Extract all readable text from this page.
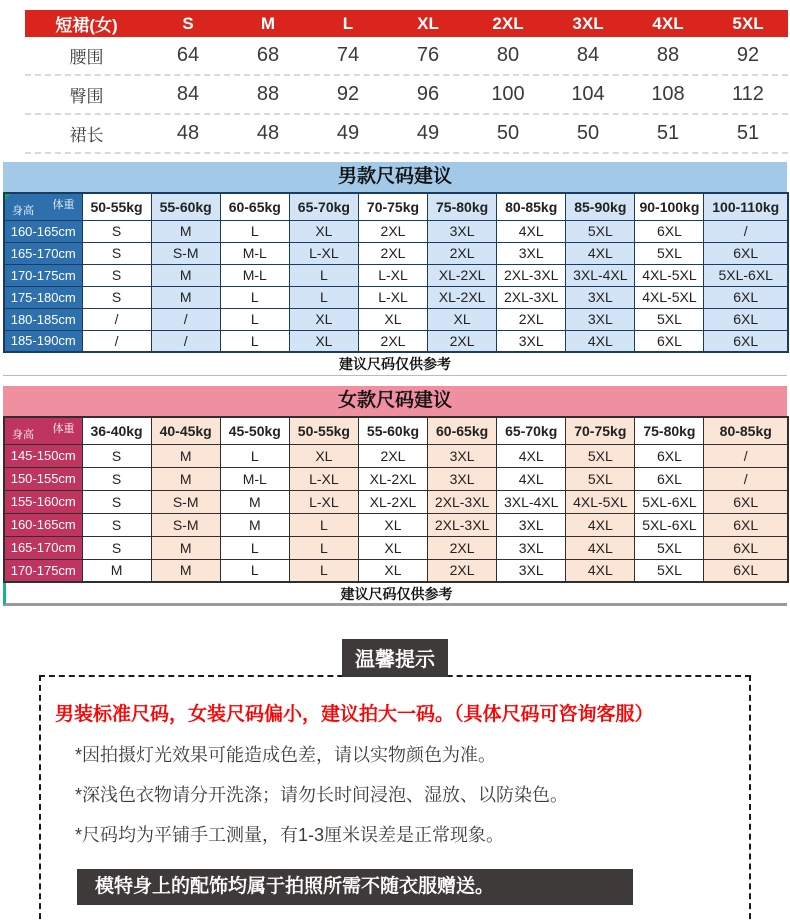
短裙(女)	S	M	L	XL	2XL	3XL	4XL	5XL
腰围	64	68	74	76	80	84	88	92
臀围	84	88	92	96	100	104	108	112
裙长	48	48	49	49	50	50	51	51
男款尺码建议
体重
身高	50-55kg	55-60kg	60-65kg	65-70kg	70-75kg	75-80kg	80-85kg	85-90kg	90-100kg	100-110kg
160-165cm	S	M	L	XL	2XL	3XL	4XL	5XL	6XL	/
165-170cm	S	S-M	M-L	L-XL	2XL	2XL	3XL	4XL	5XL	6XL
170-175cm	S	M	M-L	L	L-XL	XL-2XL	2XL-3XL	3XL-4XL	4XL-5XL	5XL-6XL
175-180cm	S	M	L	L	L-XL	XL-2XL	2XL-3XL	3XL	4XL-5XL	6XL
180-185cm	/	/	L	XL	XL	XL	2XL	3XL	5XL	6XL
185-190cm	/	/	L	XL	2XL	2XL	3XL	4XL	6XL	6XL
建议尺码仅供参考
女款尺码建议
体重
身高	36-40kg	40-45kg	45-50kg	50-55kg	55-60kg	60-65kg	65-70kg	70-75kg	75-80kg	80-85kg
145-150cm	S	M	L	XL	2XL	3XL	4XL	5XL	6XL	/
150-155cm	S	M	M-L	L-XL	XL-2XL	3XL	4XL	5XL	6XL	/
155-160cm	S	S-M	M	L-XL	XL-2XL	2XL-3XL	3XL-4XL	4XL-5XL	5XL-6XL	6XL
160-165cm	S	S-M	M	L	XL	2XL-3XL	3XL	4XL	5XL-6XL	6XL
165-170cm	S	M	L	L	XL	2XL	3XL	4XL	5XL	6XL
170-175cm	M	M	L	L	XL	2XL	3XL	4XL	5XL	6XL
建议尺码仅供参考
温馨提示

男装标准尺码，女装尺码偏小，建议拍大一码。（具体尺码可咨询客服）

*因拍摄灯光效果可能造成色差，请以实物颜色为准。

*深浅色衣物请分开洗涤；请勿长时间浸泡、湿放、以防染色。

*尺码均为平铺手工测量，有1-3厘米误差是正常现象。

模特身上的配饰均属于拍照所需不随衣服赠送。
